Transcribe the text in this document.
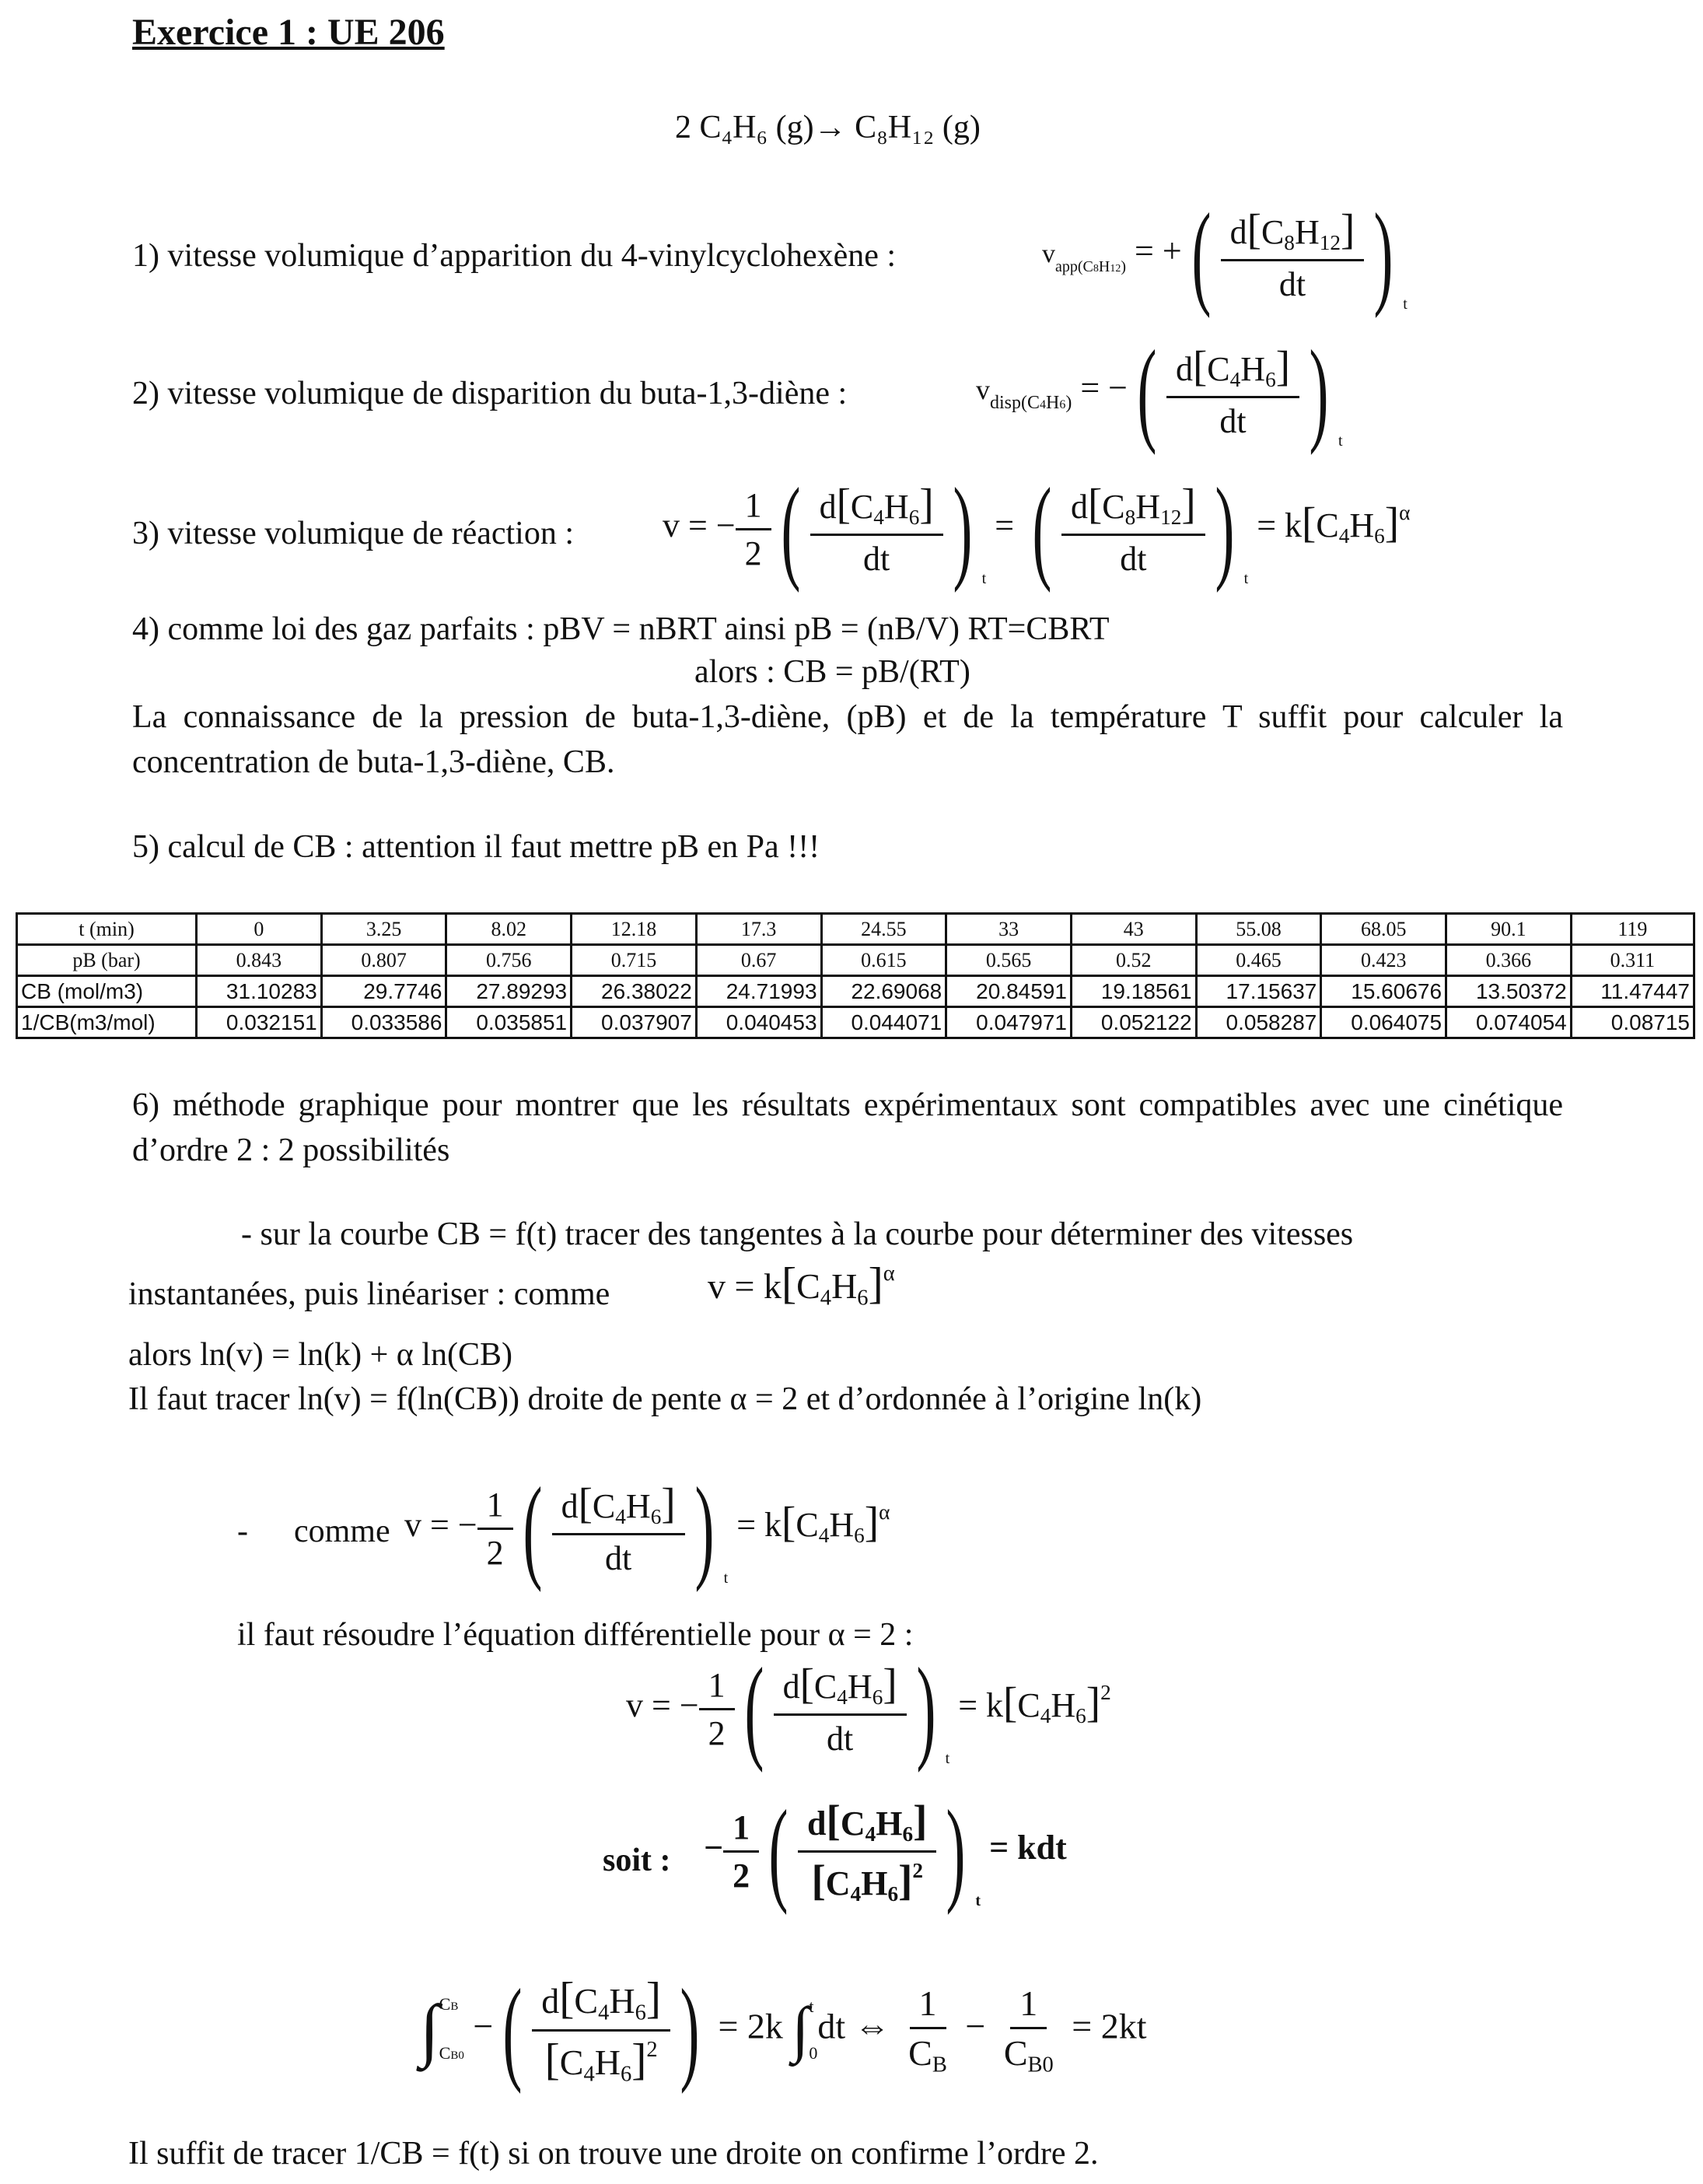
Exercice 1 : UE 206
2 C₄H₆ (g)→ C₈H₁₂ (g)
1) vitesse volumique d’apparition du 4-vinylcyclohexène :	$v_{app(C8H12)}$ = +( $\frac{d[C_8H_{12}]}{dt}$ ) $_t$
2) vitesse volumique de disparition du buta-1,3-diène :	$v_{disp(C4H6)}$ = −( $\frac{d[C_4H_6]}{dt}$ ) $_t$
3) vitesse volumique de réaction :	v = − $\frac{1}{2}$ ( $\frac{d[C_4H_6]}{dt}$ ) $_t$ = ( $\frac{d[C_8H_{12}]}{dt}$ ) $_t = k[C_4H_6]^\alpha$
4) comme loi des gaz parfaits : pBV = nBRT ainsi pB = (nB/V) RT=CBRT
alors : CB = pB/(RT)
La connaissance de la pression de buta-1,3-diène, (pB) et de la température T suffit pour calculer la concentration de buta-1,3-diène, CB.
5) calcul de CB : attention il faut mettre pB en Pa !!!
t (min)	0	3.25	8.02	12.18	17.3	24.55	33	43	55.08	68.05	90.1	119
pB (bar)	0.843	0.807	0.756	0.715	0.67	0.615	0.565	0.52	0.465	0.423	0.366	0.311
CB (mol/m3)	31.10283	29.7746	27.89293	26.38022	24.71993	22.69068	20.84591	19.18561	17.15637	15.60676	13.50372	11.47447
1/CB(m3/mol)	0.032151	0.033586	0.035851	0.037907	0.040453	0.044071	0.047971	0.052122	0.058287	0.064075	0.074054	0.08715
6) méthode graphique pour montrer que les résultats expérimentaux sont compatibles avec une cinétique d’ordre 2 : 2 possibilités
- sur la courbe CB = f(t) tracer des tangentes à la courbe pour déterminer des vitesses
instantanées, puis linéariser : comme	$v = k[C_4H_6]^\alpha$
alors ln(v) = ln(k) + α ln(CB)
Il faut tracer ln(v) = f(ln(CB)) droite de pente α = 2 et d’ordonnée à l’origine ln(k)
- comme v = − $\frac{1}{2}$ ( $\frac{d[C_4H_6]}{dt}$ ) $_t = k[C_4H_6]^\alpha$
il faut résoudre l’équation différentielle pour α = 2 :
v = − $\frac{1}{2}$ ( $\frac{d[C_4H_6]}{dt}$ ) $_t = k[C_4H_6]^2$
soit : − $\frac{1}{2}$ ( $\frac{d[C_4H_6]}{[C_4H_6]^2}$ ) $_t$ = kdt
∫ CB
CB0
−( $\frac{d[C_4H_6]}{[C_4H_6]^2}$ ) = 2k ∫ t
0
dt ⇔ $\frac{1}{C_B} - \frac{1}{C_{B0}} = 2kt$
Il suffit de tracer 1/CB = f(t) si on trouve une droite on confirme l’ordre 2.
